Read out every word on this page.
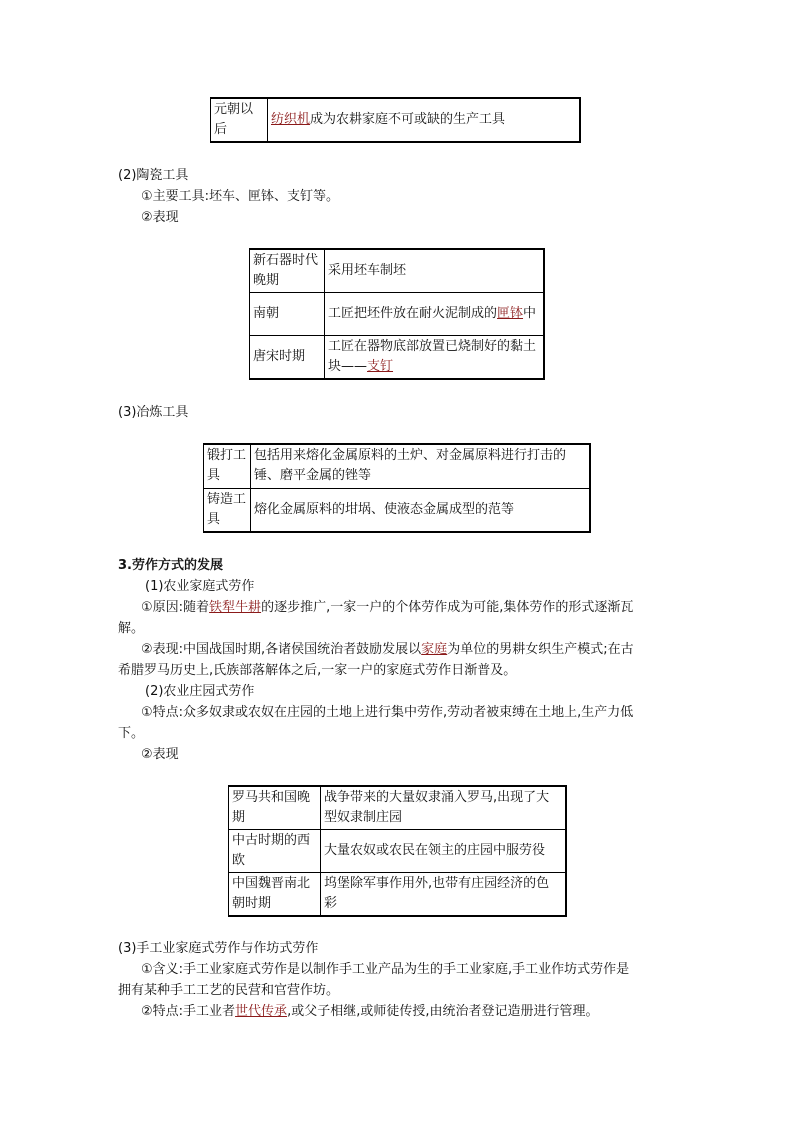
元朝以后	纺织机成为农耕家庭不可或缺的生产工具
(2)陶瓷工具
①主要工具:坯车、匣钵、支钉等。
②表现
新石器时代晚期	采用坯车制坯
南朝	工匠把坯件放在耐火泥制成的匣钵中
唐宋时期	工匠在器物底部放置已烧制好的黏土块——支钉
(3)冶炼工具
锻打工具	包括用来熔化金属原料的土炉、对金属原料进行打击的锤、磨平金属的锉等
铸造工具	熔化金属原料的坩埚、使液态金属成型的范等
3.劳作方式的发展
(1)农业家庭式劳作
①原因:随着铁犁牛耕的逐步推广,一家一户的个体劳作成为可能,集体劳作的形式逐渐瓦
解。
②表现:中国战国时期,各诸侯国统治者鼓励发展以家庭为单位的男耕女织生产模式;在古
希腊罗马历史上,氏族部落解体之后,一家一户的家庭式劳作日渐普及。
(2)农业庄园式劳作
①特点:众多奴隶或农奴在庄园的土地上进行集中劳作,劳动者被束缚在土地上,生产力低
下。
②表现
罗马共和国晚期	战争带来的大量奴隶涌入罗马,出现了大型奴隶制庄园
中古时期的西欧	大量农奴或农民在领主的庄园中服劳役
中国魏晋南北朝时期	坞堡除军事作用外,也带有庄园经济的色彩
(3)手工业家庭式劳作与作坊式劳作
①含义:手工业家庭式劳作是以制作手工业产品为生的手工业家庭,手工业作坊式劳作是
拥有某种手工工艺的民营和官营作坊。
②特点:手工业者世代传承,或父子相继,或师徒传授,由统治者登记造册进行管理。
